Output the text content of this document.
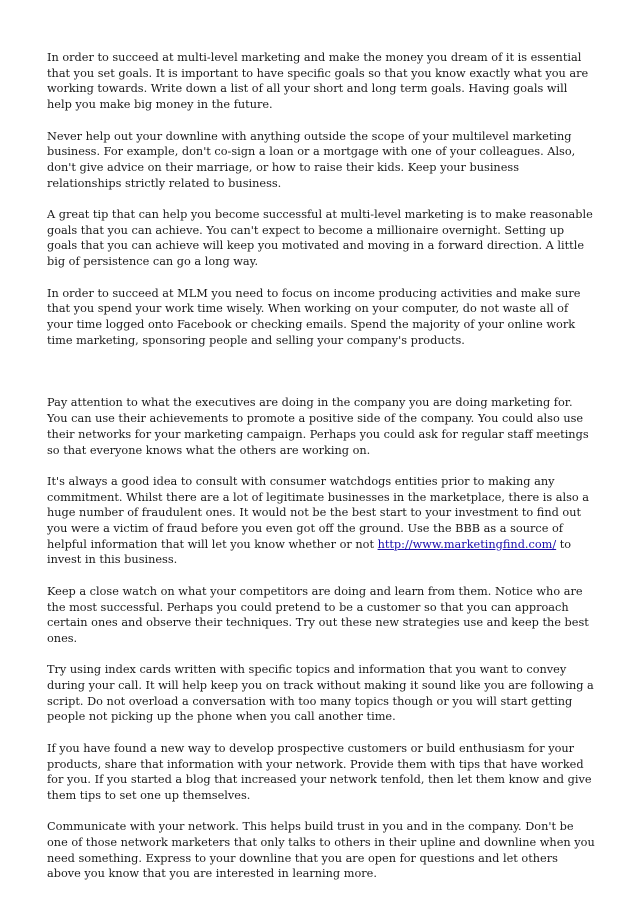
In order to succeed at multi-level marketing and make the money you dream of it is essential that you set goals. It is important to have specific goals so that you know exactly what you are working towards. Write down a list of all your short and long term goals. Having goals will help you make big money in the future.

Never help out your downline with anything outside the scope of your multilevel marketing business. For example, don't co-sign a loan or a mortgage with one of your colleagues. Also, don't give advice on their marriage, or how to raise their kids. Keep your business relationships strictly related to business.

A great tip that can help you become successful at multi-level marketing is to make reasonable goals that you can achieve. You can't expect to become a millionaire overnight. Setting up goals that you can achieve will keep you motivated and moving in a forward direction. A little big of persistence can go a long way.

In order to succeed at MLM you need to focus on income producing activities and make sure that you spend your work time wisely. When working on your computer, do not waste all of your time logged onto Facebook or checking emails. Spend the majority of your online work time marketing, sponsoring people and selling your company's products.

Pay attention to what the executives are doing in the company you are doing marketing for. You can use their achievements to promote a positive side of the company. You could also use their networks for your marketing campaign. Perhaps you could ask for regular staff meetings so that everyone knows what the others are working on.

It's always a good idea to consult with consumer watchdogs entities prior to making any commitment. Whilst there are a lot of legitimate businesses in the marketplace, there is also a huge number of fraudulent ones. It would not be the best start to your investment to find out you were a victim of fraud before you even got off the ground. Use the BBB as a source of helpful information that will let you know whether or not http://www.marketingfind.com/ to invest in this business.

Keep a close watch on what your competitors are doing and learn from them. Notice who are the most successful. Perhaps you could pretend to be a customer so that you can approach certain ones and observe their techniques. Try out these new strategies use and keep the best ones.

Try using index cards written with specific topics and information that you want to convey during your call. It will help keep you on track without making it sound like you are following a script. Do not overload a conversation with too many topics though or you will start getting people not picking up the phone when you call another time.

If you have found a new way to develop prospective customers or build enthusiasm for your products, share that information with your network. Provide them with tips that have worked for you. If you started a blog that increased your network tenfold, then let them know and give them tips to set one up themselves.

Communicate with your network. This helps build trust in you and in the company. Don't be one of those network marketers that only talks to others in their upline and downline when you need something. Express to your downline that you are open for questions and let others above you know that you are interested in learning more.
